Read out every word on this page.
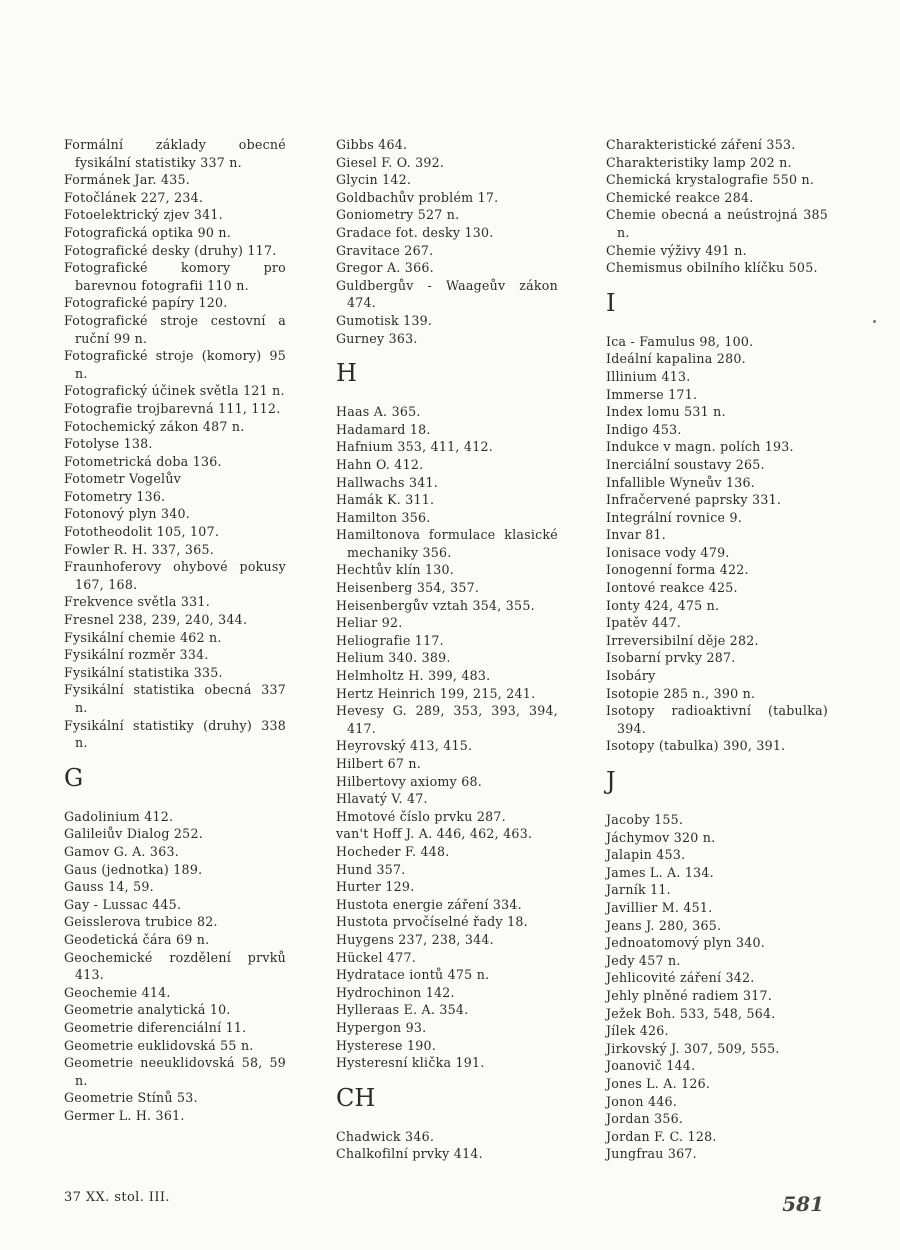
Formální základy obecné fysikální statistiky 337 n.
Formánek Jar. 435.
Fotočlánek 227, 234.
Fotoelektrický zjev 341.
Fotografická optika 90 n.
Fotografické desky (druhy) 117.
Fotografické komory pro barevnou fotografii 110 n.
Fotografické papíry 120.
Fotografické stroje cestovní a ruční 99 n.
Fotografické stroje (komory) 95 n.
Fotografický účinek světla 121 n.
Fotografie trojbarevná 111, 112.
Fotochemický zákon 487 n.
Fotolyse 138.
Fotometrická doba 136.
Fotometr Vogelův
Fotometry 136.
Fotonový plyn 340.
Fototheodolit 105, 107.
Fowler R. H. 337, 365.
Fraunhoferovy ohybové pokusy 167, 168.
Frekvence světla 331.
Fresnel 238, 239, 240, 344.
Fysikální chemie 462 n.
Fysikální rozměr 334.
Fysikální statistika 335.
Fysikální statistika obecná 337 n.
Fysikální statistiky (druhy) 338 n.
G
Gadolinium 412.
Galileiův Dialog 252.
Gamov G. A. 363.
Gaus (jednotka) 189.
Gauss 14, 59.
Gay - Lussac 445.
Geisslerova trubice 82.
Geodetická čára 69 n.
Geochemické rozdělení prvků 413.
Geochemie 414.
Geometrie analytická 10.
Geometrie diferenciální 11.
Geometrie euklidovská 55 n.
Geometrie neeuklidovská 58, 59 n.
Geometrie Stínů 53.
Germer L. H. 361.
Gibbs 464.
Giesel F. O. 392.
Glycin 142.
Goldbachův problém 17.
Goniometry 527 n.
Gradace fot. desky 130.
Gravitace 267.
Gregor A. 366.
Guldbergův - Waageův zákon 474.
Gumotisk 139.
Gurney 363.
H
Haas A. 365.
Hadamard 18.
Hafnium 353, 411, 412.
Hahn O. 412.
Hallwachs 341.
Hamák K. 311.
Hamilton 356.
Hamiltonova formulace klasické mechaniky 356.
Hechtův klín 130.
Heisenberg 354, 357.
Heisenbergův vztah 354, 355.
Heliar 92.
Heliografie 117.
Helium 340. 389.
Helmholtz H. 399, 483.
Hertz Heinrich 199, 215, 241.
Hevesy G. 289, 353, 393, 394, 417.
Heyrovský 413, 415.
Hilbert 67 n.
Hilbertovy axiomy 68.
Hlavatý V. 47.
Hmotové číslo prvku 287.
van't Hoff J. A. 446, 462, 463.
Hocheder F. 448.
Hund 357.
Hurter 129.
Hustota energie záření 334.
Hustota prvočíselné řady 18.
Huygens 237, 238, 344.
Hückel 477.
Hydratace iontů 475 n.
Hydrochinon 142.
Hylleraas E. A. 354.
Hypergon 93.
Hysterese 190.
Hysteresní klička 191.
CH
Chadwick 346.
Chalkofilní prvky 414.
Charakteristické záření 353.
Charakteristiky lamp 202 n.
Chemická krystalografie 550 n.
Chemické reakce 284.
Chemie obecná a neústrojná 385 n.
Chemie výživy 491 n.
Chemismus obilního klíčku 505.
I
Ica - Famulus 98, 100.
Ideální kapalina 280.
Illinium 413.
Immerse 171.
Index lomu 531 n.
Indigo 453.
Indukce v magn. polích 193.
Inerciální soustavy 265.
Infallible Wyneův 136.
Infračervené paprsky 331.
Integrální rovnice 9.
Invar 81.
Ionisace vody 479.
Ionogenní forma 422.
Iontové reakce 425.
Ionty 424, 475 n.
Ipatěv 447.
Irreversibilní děje 282.
Isobarní prvky 287.
Isobáry
Isotopie 285 n., 390 n.
Isotopy radioaktivní (tabulka) 394.
Isotopy (tabulka) 390, 391.
J
Jacoby 155.
Jáchymov 320 n.
Jalapin 453.
James L. A. 134.
Jarník 11.
Javillier M. 451.
Jeans J. 280, 365.
Jednoatomový plyn 340.
Jedy 457 n.
Jehlicovité záření 342.
Jehly plněné radiem 317.
Ježek Boh. 533, 548, 564.
Jílek 426.
Jirkovský J. 307, 509, 555.
Joanovič 144.
Jones L. A. 126.
Jonon 446.
Jordan 356.
Jordan F. C. 128.
Jungfrau 367.
37 XX. stol. III.	581
